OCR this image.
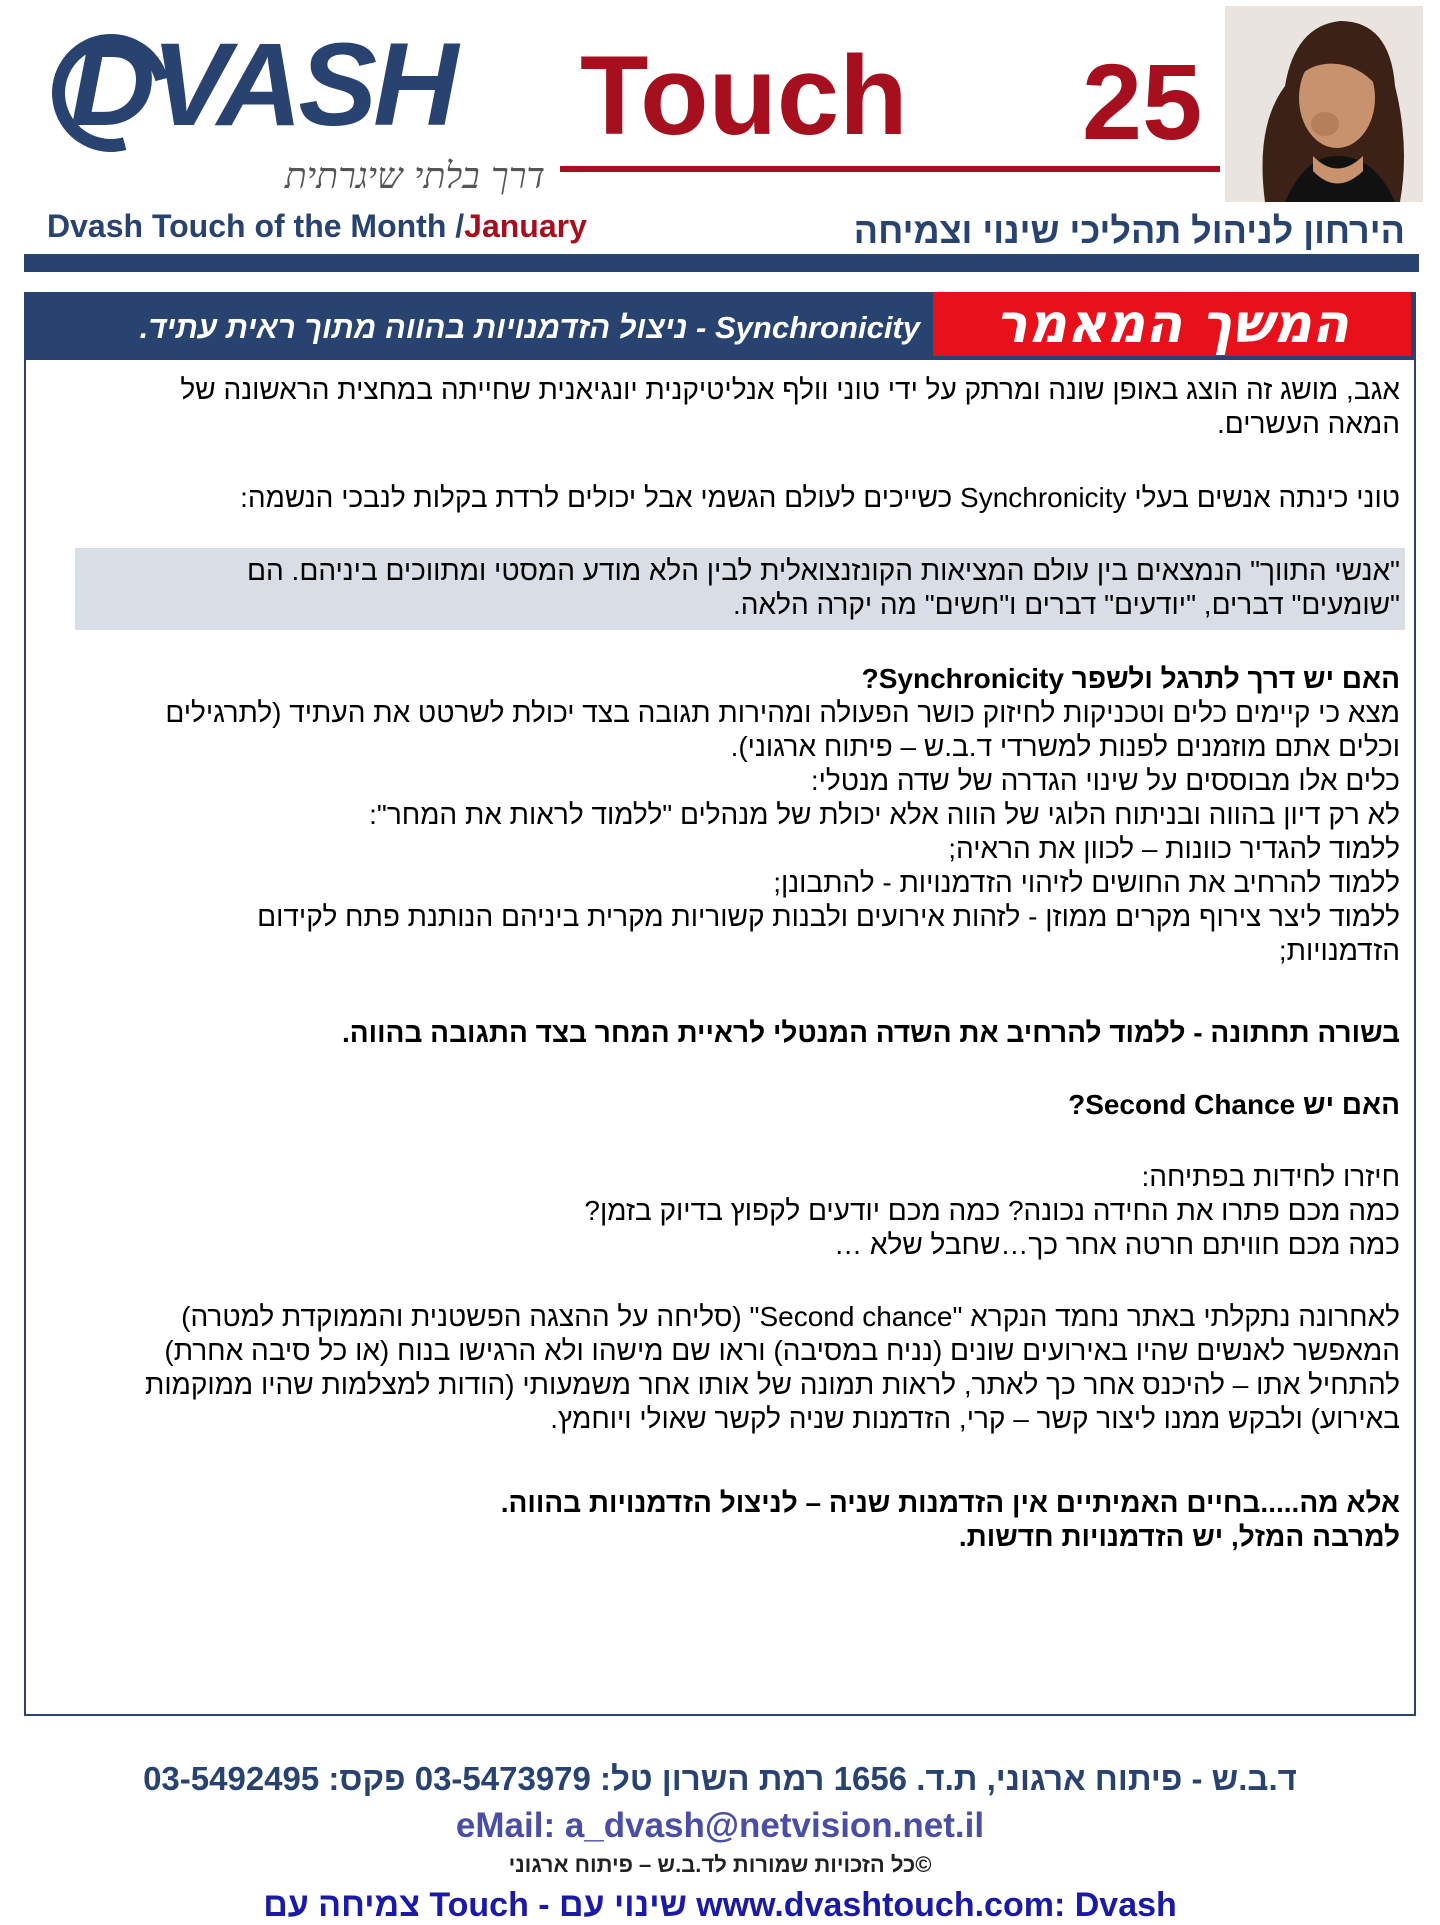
DVASH
דרך בלתי שיגרתית
Touch 25
Dvash Touch of the Month /January	הירחון לניהול תהליכי שינוי וצמיחה
המשך המאמר
Synchronicity - ניצול הזדמנויות בהווה מתוך ראית עתיד.
אגב, מושג זה הוצג באופן שונה ומרתק על ידי טוני וולף אנליטיקנית יונגיאנית שחייתה במחצית הראשונה של
המאה העשרים.
טוני כינתה אנשים בעלי Synchronicity כשייכים לעולם הגשמי אבל יכולים לרדת בקלות לנבכי הנשמה:
"אנשי התווך" הנמצאים בין עולם המציאות הקונזנצואלית לבין הלא מודע המסטי ומתווכים ביניהם. הם
"שומעים" דברים, "יודעים" דברים ו"חשים" מה יקרה הלאה.
האם יש דרך לתרגל ולשפר Synchronicity?
מצא כי קיימים כלים וטכניקות לחיזוק כושר הפעולה ומהירות תגובה בצד יכולת לשרטט את העתיד (לתרגילים
וכלים אתם מוזמנים לפנות למשרדי ד.ב.ש – פיתוח ארגוני).
כלים אלו מבוססים על שינוי הגדרה של שדה מנטלי:
לא רק דיון בהווה ובניתוח הלוגי של הווה אלא יכולת של מנהלים "ללמוד לראות את המחר":
ללמוד להגדיר כוונות – לכוון את הראיה;
ללמוד להרחיב את החושים לזיהוי הזדמנויות - להתבונן;
ללמוד ליצר צירוף מקרים ממוזן - לזהות אירועים ולבנות קשוריות מקרית ביניהם הנותנת פתח לקידום
הזדמנויות;
בשורה תחתונה - ללמוד להרחיב את השדה המנטלי לראיית המחר בצד התגובה בהווה.
האם יש Second Chance?
חיזרו לחידות בפתיחה:
כמה מכם פתרו את החידה נכונה? כמה מכם יודעים לקפוץ בדיוק בזמן?
כמה מכם חוויתם חרטה אחר כך…שחבל שלא …
לאחרונה נתקלתי באתר נחמד הנקרא "Second chance" (סליחה על ההצגה הפשטנית והממוקדת למטרה)
המאפשר לאנשים שהיו באירועים שונים (נניח במסיבה) וראו שם מישהו ולא הרגישו בנוח (או כל סיבה אחרת)
להתחיל אתו – להיכנס אחר כך לאתר, לראות תמונה של אותו אחר משמעותי (הודות למצלמות שהיו ממוקמות
באירוע) ולבקש ממנו ליצור קשר – קרי, הזדמנות שניה לקשר שאולי ויוחמץ.
אלא מה.....בחיים האמיתיים אין הזדמנות שניה – לניצול הזדמנויות בהווה.
למרבה המזל, יש הזדמנויות חדשות.
ד.ב.ש - פיתוח ארגוני, ת.ד. 1656 רמת השרון טל: 03-5473979 פקס: 03-5492495
eMail: a_dvash@netvision.net.il
©כל הזכויות שמורות לד.ב.ש – פיתוח ארגוני
www.dvashtouch.com: Dvash שינוי עם - Touch צמיחה עם
